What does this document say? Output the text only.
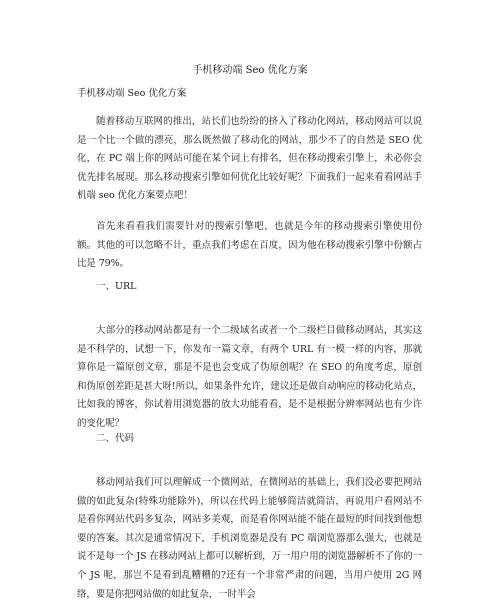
手机移动端 Seo 优化方案

手机移动端 Seo 优化方案

随着移动互联网的推出，站长们也纷纷的挤入了移动化网站，移动网站可以说是一个比一个做的漂亮，那么既然做了移动化的网站，那少不了的自然是 SEO 优化，在 PC 端上你的网站可能在某个词上有排名，但在移动搜索引擎上，未必你会优先排名展现。那么移动搜索引擎如何优化比较好呢？下面我们一起来看看网站手机端 seo 优化方案要点吧！

首先来看看我们需要针对的搜索引擎吧，也就是今年的移动搜索引擎使用份额。其他的可以忽略不计，重点我们考虑在百度，因为他在移动搜索引擎中份额占比是 79%。

一、URL

大部分的移动网站都是有一个二级域名或者一个二级栏目做移动网站，其实这是不科学的，试想一下，你发布一篇文章，有两个 URL 有一模一样的内容，那就算你是一篇原创文章，那是不是也会变成了伪原创呢？在 SEO 的角度考虑，原创和伪原创差距是甚大呀!所以，如果条件允许，建议还是做自动响应的移动化站点，比如我的博客，你试着用浏览器的放大功能看看，是不是根据分辨率网站也有少许的变化呢？

二、代码

移动网站我们可以理解成一个微网站，在微网站的基础上，我们没必要把网站做的如此复杂(特殊功能除外)，所以在代码上能够简洁就简洁，再说用户看网站不是看你网站代码多复杂，网站多美观，而是看你网站能不能在最短的时间找到他想要的答案。其次是通常情况下，手机浏览器是没有 PC 端浏览器那么强大，也就是说不是每一个 JS 在移动网站上都可以解析到，万一用户用的浏览器解析不了你的一个 JS 呢，那岂不是看到乱糟糟的?还有一个非常严肃的问题，当用户使用 2G 网络，要是你把网站做的如此复杂，一时半会
